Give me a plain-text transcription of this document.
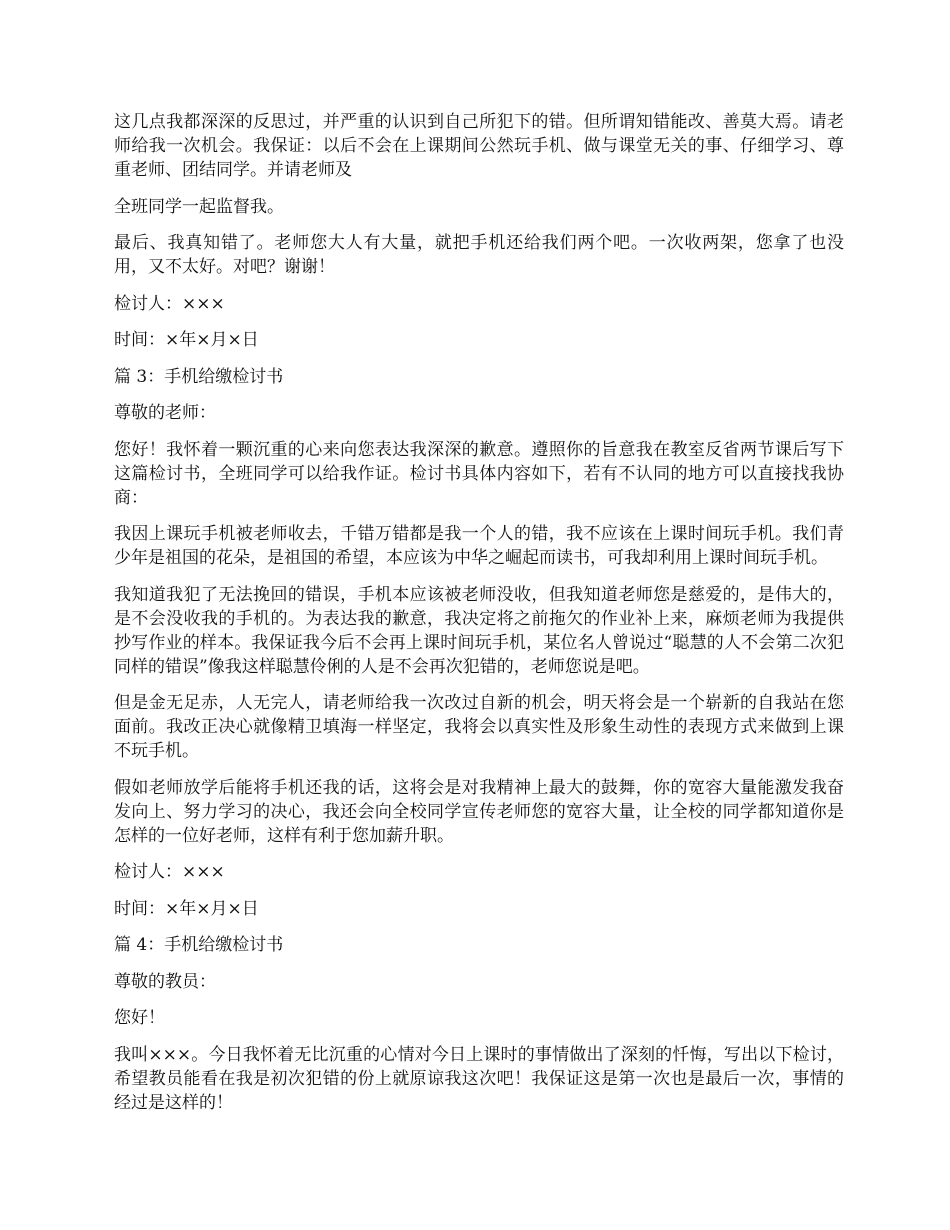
这几点我都深深的反思过，并严重的认识到自己所犯下的错。但所谓知错能改、善莫大焉。请老师给我一次机会。我保证：以后不会在上课期间公然玩手机、做与课堂无关的事、仔细学习、尊重老师、团结同学。并请老师及

全班同学一起监督我。

最后、我真知错了。老师您大人有大量，就把手机还给我们两个吧。一次收两架，您拿了也没用，又不太好。对吧？谢谢！

检讨人：×××

时间：×年×月×日

篇 3：手机给缴检讨书

尊敬的老师：

您好！我怀着一颗沉重的心来向您表达我深深的歉意。遵照你的旨意我在教室反省两节课后写下这篇检讨书，全班同学可以给我作证。检讨书具体内容如下，若有不认同的地方可以直接找我协商：

我因上课玩手机被老师收去，千错万错都是我一个人的错，我不应该在上课时间玩手机。我们青少年是祖国的花朵，是祖国的希望，本应该为中华之崛起而读书，可我却利用上课时间玩手机。

我知道我犯了无法挽回的错误，手机本应该被老师没收，但我知道老师您是慈爱的，是伟大的，是不会没收我的手机的。为表达我的歉意，我决定将之前拖欠的作业补上来，麻烦老师为我提供抄写作业的样本。我保证我今后不会再上课时间玩手机，某位名人曾说过“聪慧的人不会第二次犯同样的错误”像我这样聪慧伶俐的人是不会再次犯错的，老师您说是吧。

但是金无足赤，人无完人，请老师给我一次改过自新的机会，明天将会是一个崭新的自我站在您面前。我改正决心就像精卫填海一样坚定，我将会以真实性及形象生动性的表现方式来做到上课不玩手机。

假如老师放学后能将手机还我的话，这将会是对我精神上最大的鼓舞，你的宽容大量能激发我奋发向上、努力学习的决心，我还会向全校同学宣传老师您的宽容大量，让全校的同学都知道你是怎样的一位好老师，这样有利于您加薪升职。

检讨人：×××

时间：×年×月×日

篇 4：手机给缴检讨书

尊敬的教员：

您好！

我叫×××。今日我怀着无比沉重的心情对今日上课时的事情做出了深刻的忏悔，写出以下检讨，希望教员能看在我是初次犯错的份上就原谅我这次吧！我保证这是第一次也是最后一次，事情的经过是这样的！
